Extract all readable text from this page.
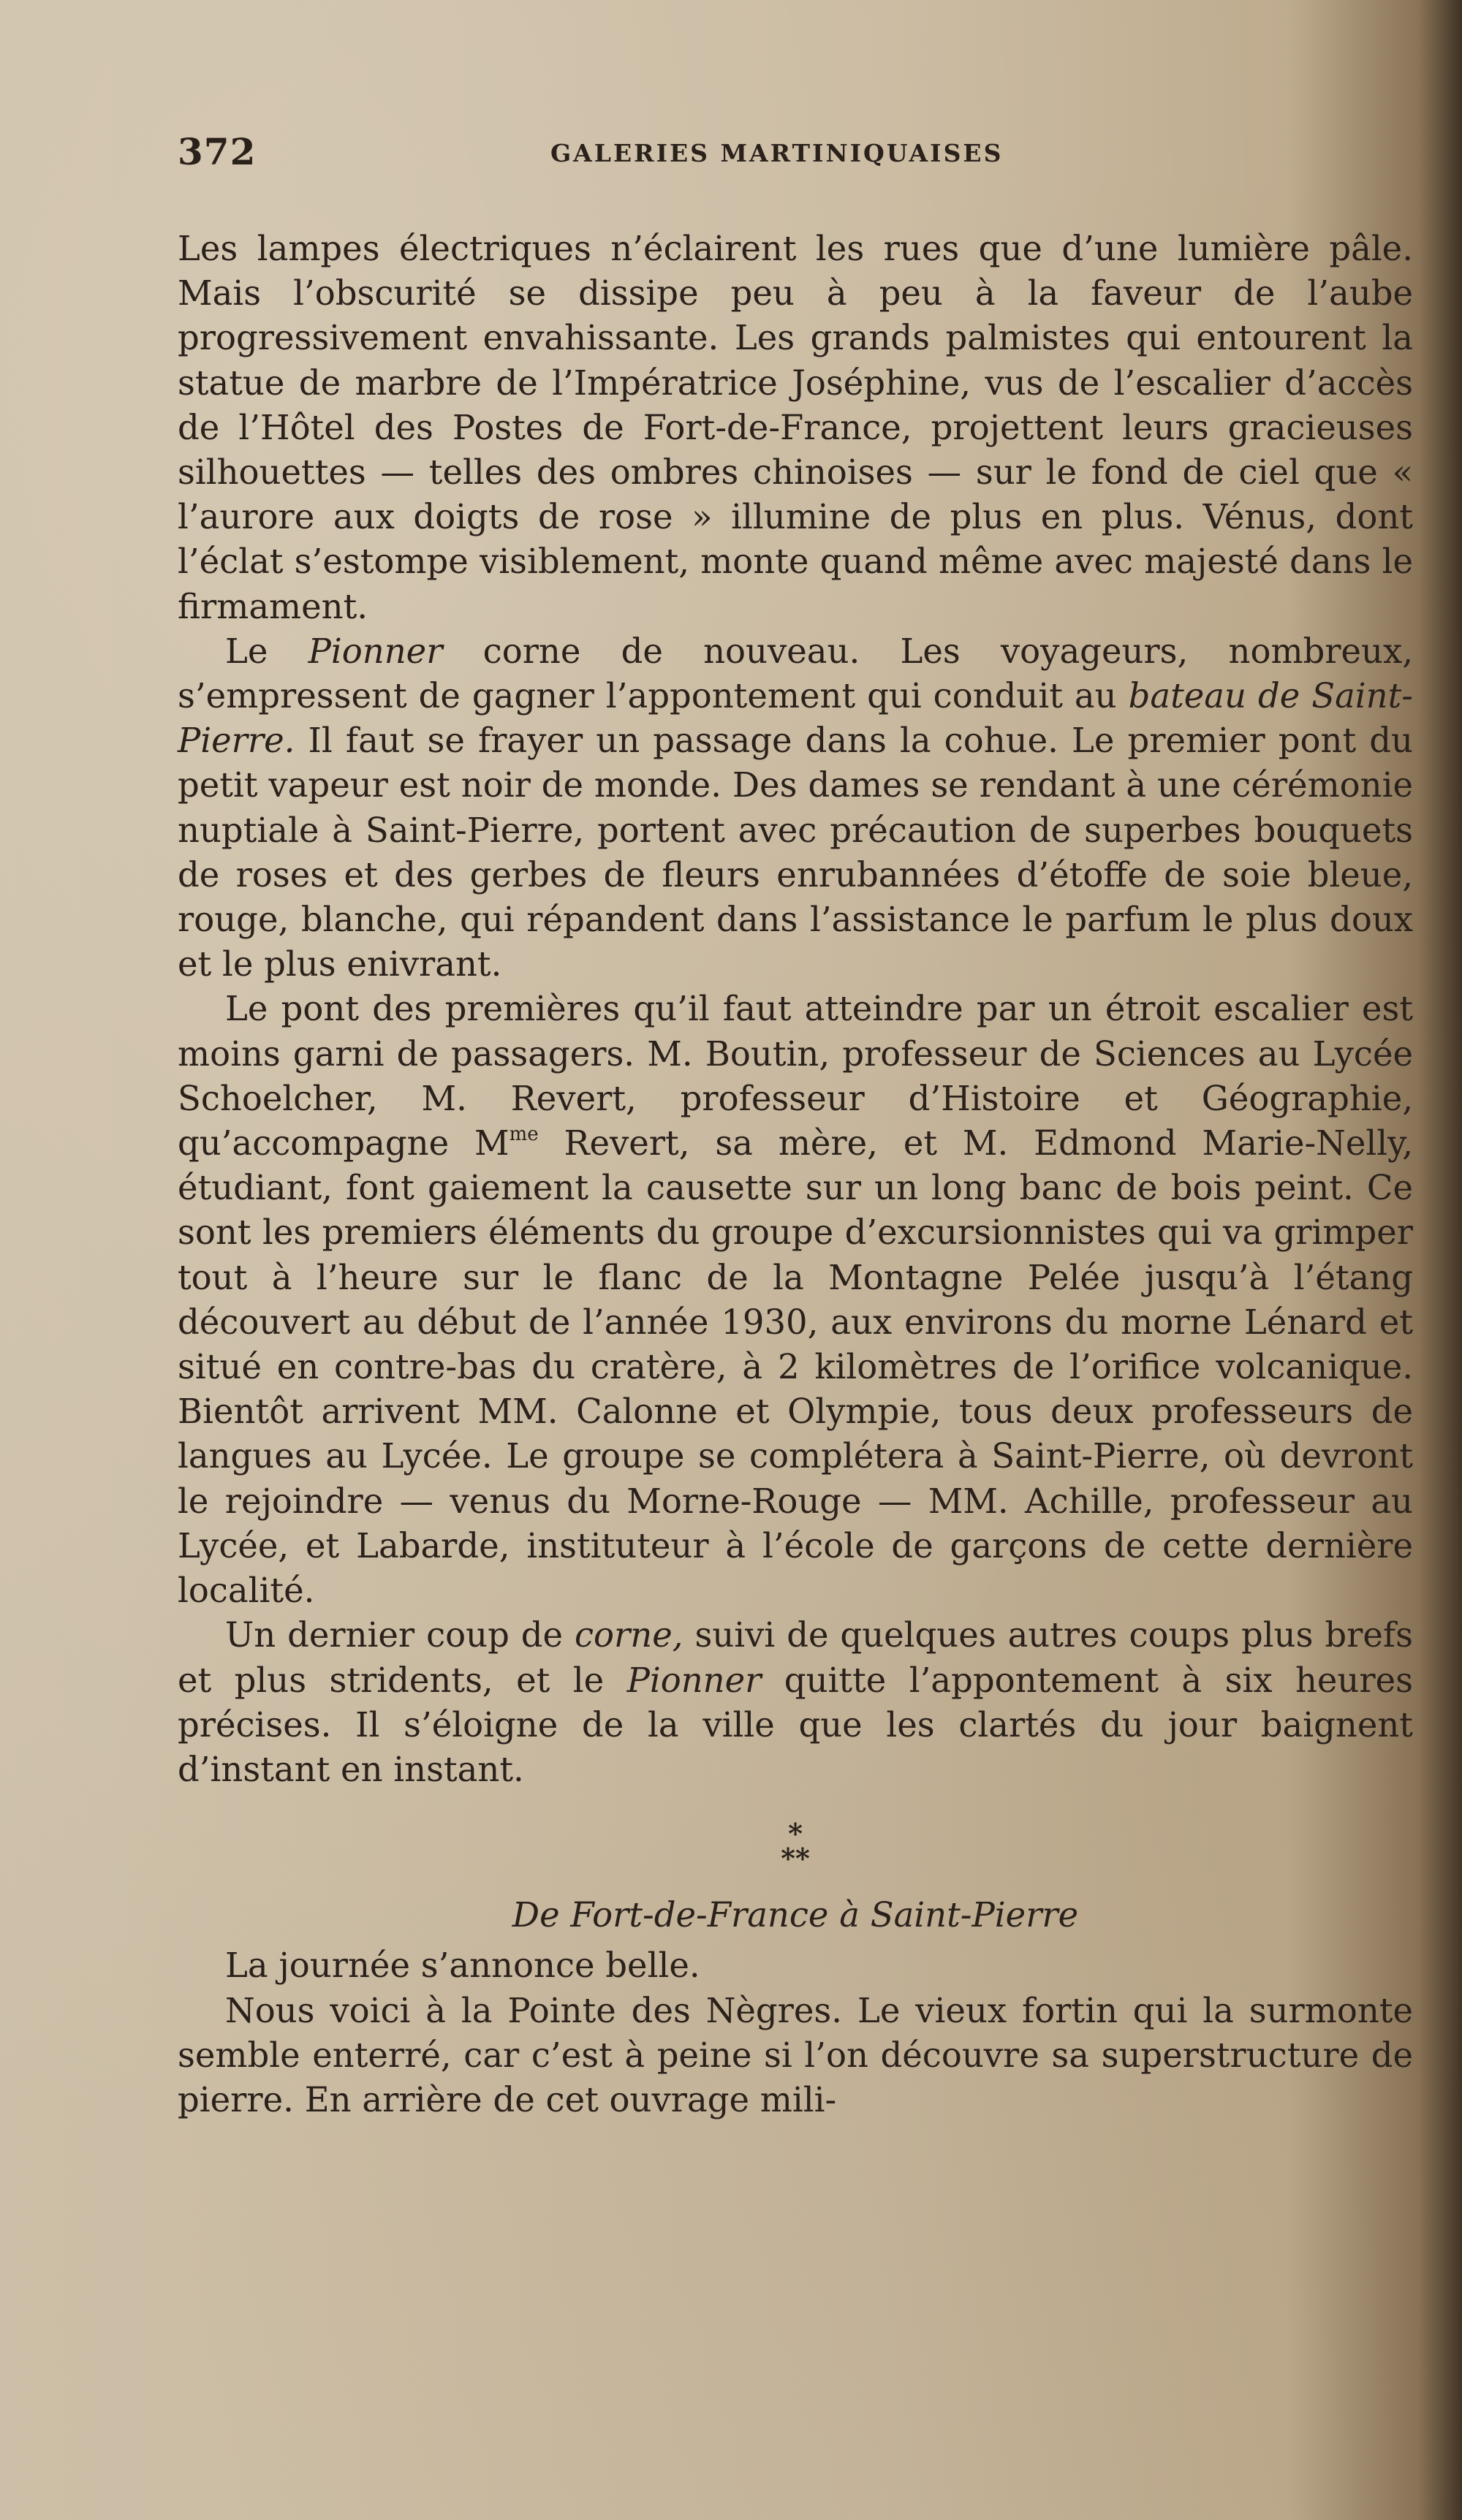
372	GALERIES MARTINIQUAISES

Les lampes électriques n’éclairent les rues que d’une lumière pâle. Mais l’obscurité se dissipe peu à peu à la faveur de l’aube progressivement envahissante. Les grands palmistes qui entourent la statue de marbre de l’Impératrice Joséphine, vus de l’escalier d’accès de l’Hôtel des Postes de Fort-de-France, projettent leurs gracieuses silhouettes — telles des ombres chinoises — sur le fond de ciel que « l’aurore aux doigts de rose » illumine de plus en plus. Vénus, dont l’éclat s’estompe visiblement, monte quand même avec majesté dans le firmament.

Le Pionner corne de nouveau. Les voyageurs, nombreux, s’empressent de gagner l’appontement qui conduit au bateau de Saint-Pierre. Il faut se frayer un passage dans la cohue. Le premier pont du petit vapeur est noir de monde. Des dames se rendant à une cérémonie nuptiale à Saint-Pierre, portent avec précaution de superbes bouquets de roses et des gerbes de fleurs enrubannées d’étoffe de soie bleue, rouge, blanche, qui répandent dans l’assistance le parfum le plus doux et le plus enivrant.

Le pont des premières qu’il faut atteindre par un étroit escalier est moins garni de passagers. M. Boutin, professeur de Sciences au Lycée Schoelcher, M. Revert, professeur d’Histoire et Géographie, qu’accompagne $M^{me}$ Revert, sa mère, et M. Edmond Marie-Nelly, étudiant, font gaiement la causette sur un long banc de bois peint. Ce sont les premiers éléments du groupe d’excursionnistes qui va grimper tout à l’heure sur le flanc de la Montagne Pelée jusqu’à l’étang découvert au début de l’année 1930, aux environs du morne Lénard et situé en contre-bas du cratère, à 2 kilomètres de l’orifice volcanique. Bientôt arrivent MM. Calonne et Olympie, tous deux professeurs de langues au Lycée. Le groupe se complétera à Saint-Pierre, où devront le rejoindre — venus du Morne-Rouge — MM. Achille, professeur au Lycée, et Labarde, instituteur à l’école de garçons de cette dernière localité.

Un dernier coup de corne, suivi de quelques autres coups plus brefs et plus stridents, et le Pionner quitte l’appontement à six heures précises. Il s’éloigne de la ville que les clartés du jour baignent d’instant en instant.

*
**
De Fort-de-France à Saint-Pierre

La journée s’annonce belle.

Nous voici à la Pointe des Nègres. Le vieux fortin qui la surmonte semble enterré, car c’est à peine si l’on découvre sa superstructure de pierre. En arrière de cet ouvrage mili-
